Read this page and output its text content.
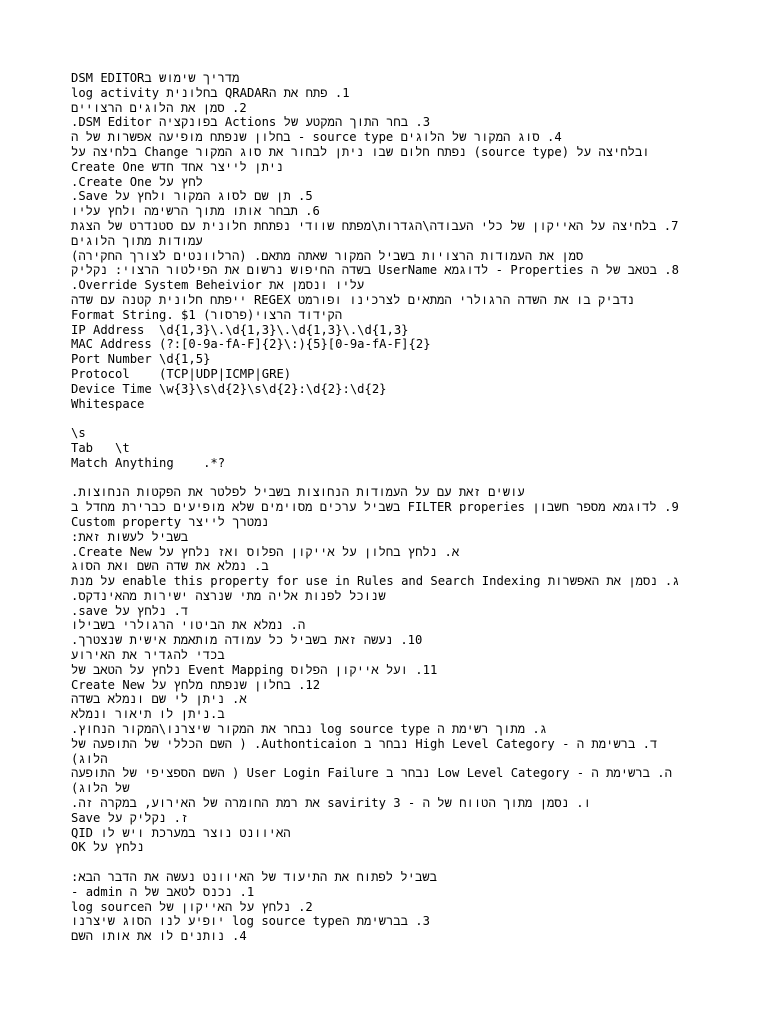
מדריך שימוש בDSM EDITOR
1. פתח את הQRADAR בחלונית log activity
2. סמן את הלוגים הרצויים
3. בחר התוך המקטע של Actions בפונקציה DSM Editor.
4. סוג המקור של הלוגים source type - בחלון שנפתח מופיעה אפשרות של ה
ובלחיצה על (source type) נפתח חלום שבו ניתן לבחור את סוג המקור Change בלחיצה על
ניתן לייצר אחד חדש Create One
לחץ על Create One.
5. תן שם לסוג המקור ולחץ על Save.
6. תבחר אותו מתוך הרשימה ולחץ עליו
7. בלחיצה על האייקון של כלי העבודה\הגדרות\מפתח שוודי נפתחת חלונית עם סטנדרט של הצגת
עמודות מתוך הלוגים
סמן את העמודות הרצויות בשביל המקור שאתה מתאם. (הרלוונטים לצורך החקירה)
8. בטאב של ה Properties - לדוגמא UserName בשדה החיפוש נרשום את הפילטור הרצוי: נקליק
עליו ונסמן את Override System Beheivior.
נדביק בו את השדה הרגולרי המתאים לצרכינו ופורמט REGEX ייפתח חלונית קטנה עם שדה
הקידוד הרצוי(פרסור) Format String. $1
IP Address  \d{1,3}\.\d{1,3}\.\d{1,3}\.\d{1,3}
MAC Address (?:[0-9a-fA-F]{2}\:){5}[0-9a-fA-F]{2}
Port Number \d{1,5}
Protocol    (TCP|UDP|ICMP|GRE)
Device Time \w{3}\s\d{2}\s\d{2}:\d{2}:\d{2}
Whitespace
\s
Tab   \t
Match Anything    .*?
עושים זאת עם על העמודות הנחוצות בשביל לפלטר את הפקטות הנחוצות.
9. לדוגמא מספר חשבון FILTER properies בשביל ערכים מסוימים שלא מופיעים כברירת מחדל ב
נמטרך לייצר Custom property
בשביל לעשות זאת:
א. נלחץ בחלון על אייקון הפלוס ואז נלחץ על Create New.
ב. נמלא את שדה השם ואת הסוג
ג. נסמן את האפשרות enable this property for use in Rules and Search Indexing על מנת
שנוכל לפנות אליה מתי שנרצה ישירות מהאינדקס.
ד. נלחץ על save.
ה. נמלא את הביטוי הרגולרי בשבילו
10. נעשה זאת בשביל כל עמודה מותאמת אישית שנצטרך.
בכדי להגדיר את האירוע
11. ועל אייקון הפלוס Event Mapping נלחץ על הטאב של
12. בחלון שנפתח מלחץ על Create New
א. ניתן לי שם ונמלא בשדה
ב.ניתן לו תיאור ונמלא
ג. מתוך רשימת ה log source type נבחר את המקור שיצרנו\המקור הנחוץ.
ד. ברשימת ה - High Level Category נבחר ב Authonticaion. ( השם הכללי של התופעה של
הלוג)
ה. ברשימת ה - Low Level Category נבחר ב User Login Failure ( השם הספציפי של התופעה
של הלוג)
ו. נסמן מתוך הטווח של ה - savirity 3 את רמת החומרה של האירוע, במקרה זה.
ז. נקליק על Save
האיוונט נוצר במערכת ויש לו QID
נלחץ על OK
בשביל לפתוח את התיעוד של האיוונט נעשה את הדבר הבא:
1. נכנס לטאב של ה admin -
2. נלחץ על האייקון של הlog source
3. בברשימת הlog source type יופיע לנו הסוג שיצרנו
4. נותנים לו את אותו השם
